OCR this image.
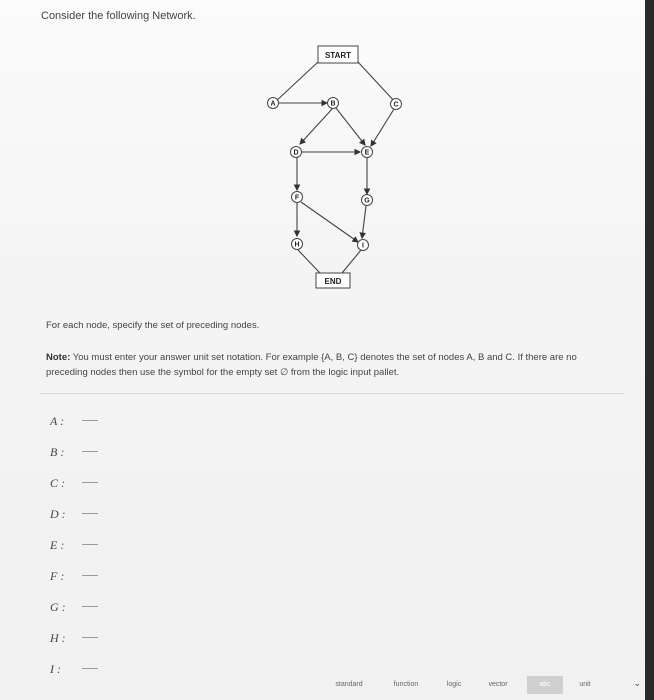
Consider the following Network.
START
END
A	B	C
D	E
F	G
H	I
For each node, specify the set of preceding nodes.
Note: You must enter your answer unit set notation. For example {A, B, C} denotes the set of nodes A, B and C. If there are no preceding nodes then use the symbol for the empty set ∅ from the logic input pallet.
A :
B :
C :
D :
E :
F :
G :
H :
I :
standard	function	logic	vector	abc	unit	⌄
